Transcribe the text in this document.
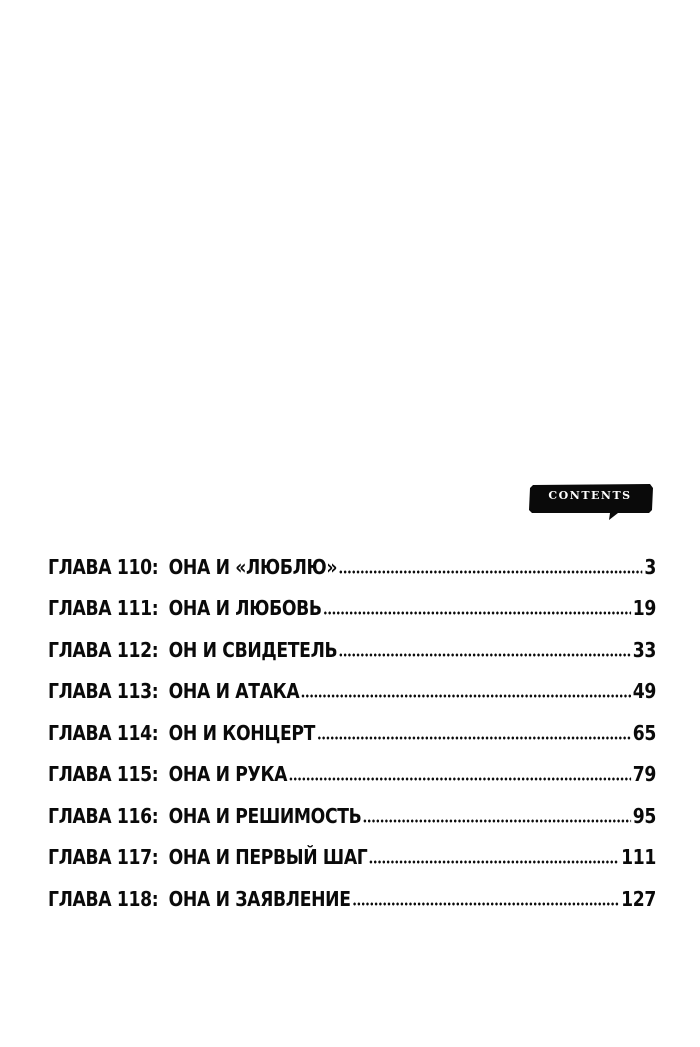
CONTENTS
ГЛАВА 110: ОНА И «ЛЮБЛЮ»	3
ГЛАВА 111: ОНА И ЛЮБОВЬ	19
ГЛАВА 112: ОН И СВИДЕТЕЛЬ	33
ГЛАВА 113: ОНА И АТАКА	49
ГЛАВА 114: ОН И КОНЦЕРТ	65
ГЛАВА 115: ОНА И РУКА	79
ГЛАВА 116: ОНА И РЕШИМОСТЬ	95
ГЛАВА 117: ОНА И ПЕРВЫЙ ШАГ	111
ГЛАВА 118: ОНА И ЗАЯВЛЕНИЕ	127
